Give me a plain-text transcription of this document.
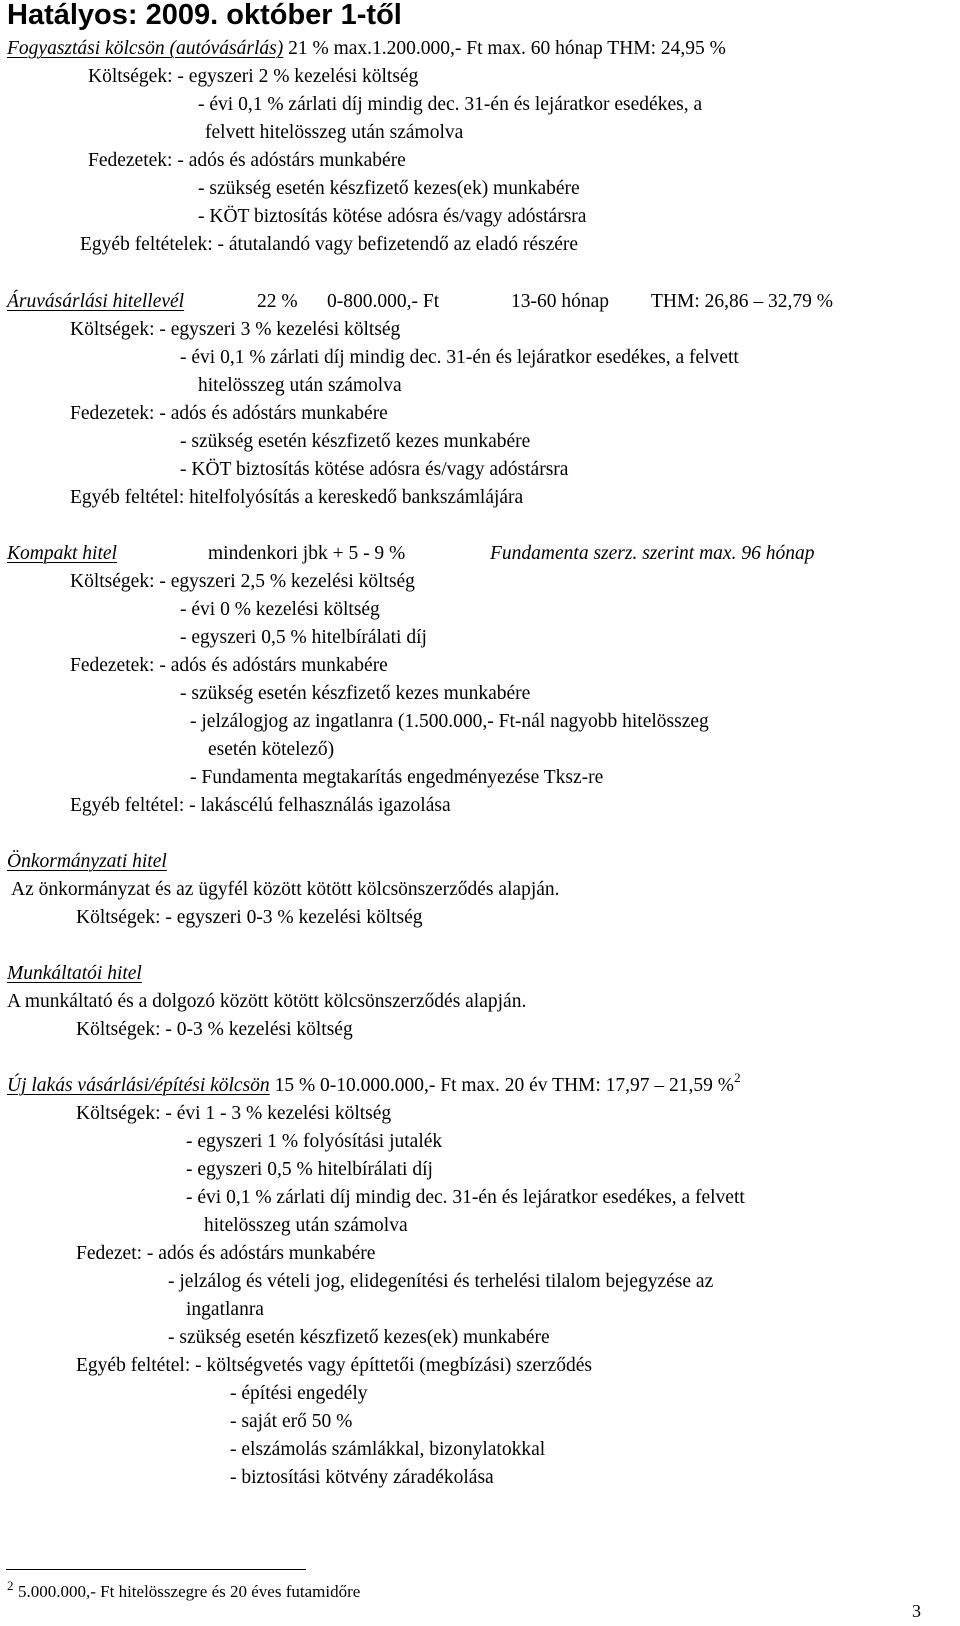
Hatályos: 2009. október 1-től
Fogyasztási kölcsön (autóvásárlás) 21 % max.1.200.000,- Ft max. 60 hónap THM: 24,95 %
Költségek: - egyszeri 2 % kezelési költség
- évi 0,1 % zárlati díj mindig dec. 31-én és lejáratkor esedékes, a
felvett hitelösszeg után számolva
Fedezetek: - adós és adóstárs munkabére
- szükség esetén készfizető kezes(ek) munkabére
- KÖT biztosítás kötése adósra és/vagy adóstársra
Egyéb feltételek: - átutalandó vagy befizetendő az eladó részére
Áruvásárlási hitellevél	22 % 0-800.000,- Ft	13-60 hónap THM: 26,86 – 32,79 %
Költségek: - egyszeri 3 % kezelési költség
- évi 0,1 % zárlati díj mindig dec. 31-én és lejáratkor esedékes, a felvett
hitelösszeg után számolva
Fedezetek: - adós és adóstárs munkabére
- szükség esetén készfizető kezes munkabére
- KÖT biztosítás kötése adósra és/vagy adóstársra
Egyéb feltétel: hitelfolyósítás a kereskedő bankszámlájára
Kompakt hitel	mindenkori jbk + 5 - 9 %	Fundamenta szerz. szerint max. 96 hónap
Költségek: - egyszeri 2,5 % kezelési költség
- évi 0 % kezelési költség
- egyszeri 0,5 % hitelbírálati díj
Fedezetek: - adós és adóstárs munkabére
- szükség esetén készfizető kezes munkabére
- jelzálogjog az ingatlanra (1.500.000,- Ft-nál nagyobb hitelösszeg
esetén kötelező)
- Fundamenta megtakarítás engedményezése Tksz-re
Egyéb feltétel: - lakáscélú felhasználás igazolása
Önkormányzati hitel
Az önkormányzat és az ügyfél között kötött kölcsönszerződés alapján.
Költségek: - egyszeri 0-3 % kezelési költség
Munkáltatói hitel
A munkáltató és a dolgozó között kötött kölcsönszerződés alapján.
Költségek: - 0-3 % kezelési költség
Új lakás vásárlási/építési kölcsön 15 % 0-10.000.000,- Ft max. 20 év THM: 17,97 – 21,59 %$^2$
Költségek: - évi 1 - 3 % kezelési költség
- egyszeri 1 % folyósítási jutalék
- egyszeri 0,5 % hitelbírálati díj
- évi 0,1 % zárlati díj mindig dec. 31-én és lejáratkor esedékes, a felvett
hitelösszeg után számolva
Fedezet: - adós és adóstárs munkabére
- jelzálog és vételi jog, elidegenítési és terhelési tilalom bejegyzése az
ingatlanra
- szükség esetén készfizető kezes(ek) munkabére
Egyéb feltétel: - költségvetés vagy építtetői (megbízási) szerződés
- építési engedély
- saját erő 50 %
- elszámolás számlákkal, bizonylatokkal
- biztosítási kötvény záradékolása
2 5.000.000,- Ft hitelösszegre és 20 éves futamidőre
3
